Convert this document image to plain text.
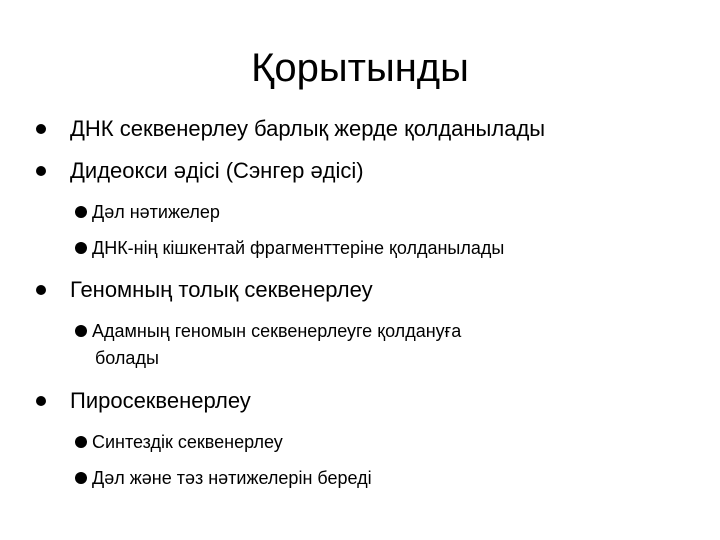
Қорытынды
ДНК секвенерлеу барлық жерде қолданылады
Дидеокси әдісі (Сэнгер әдісі)
Дәл нәтижелер
ДНК-нің кішкентай фрагменттеріне қолданылады
Геномның толық секвенерлеу
Адамның геномын секвенерлеуге қолдануға
болады
Пиросеквенерлеу
Синтездік секвенерлеу
Дәл және тәз нәтижелерін береді
